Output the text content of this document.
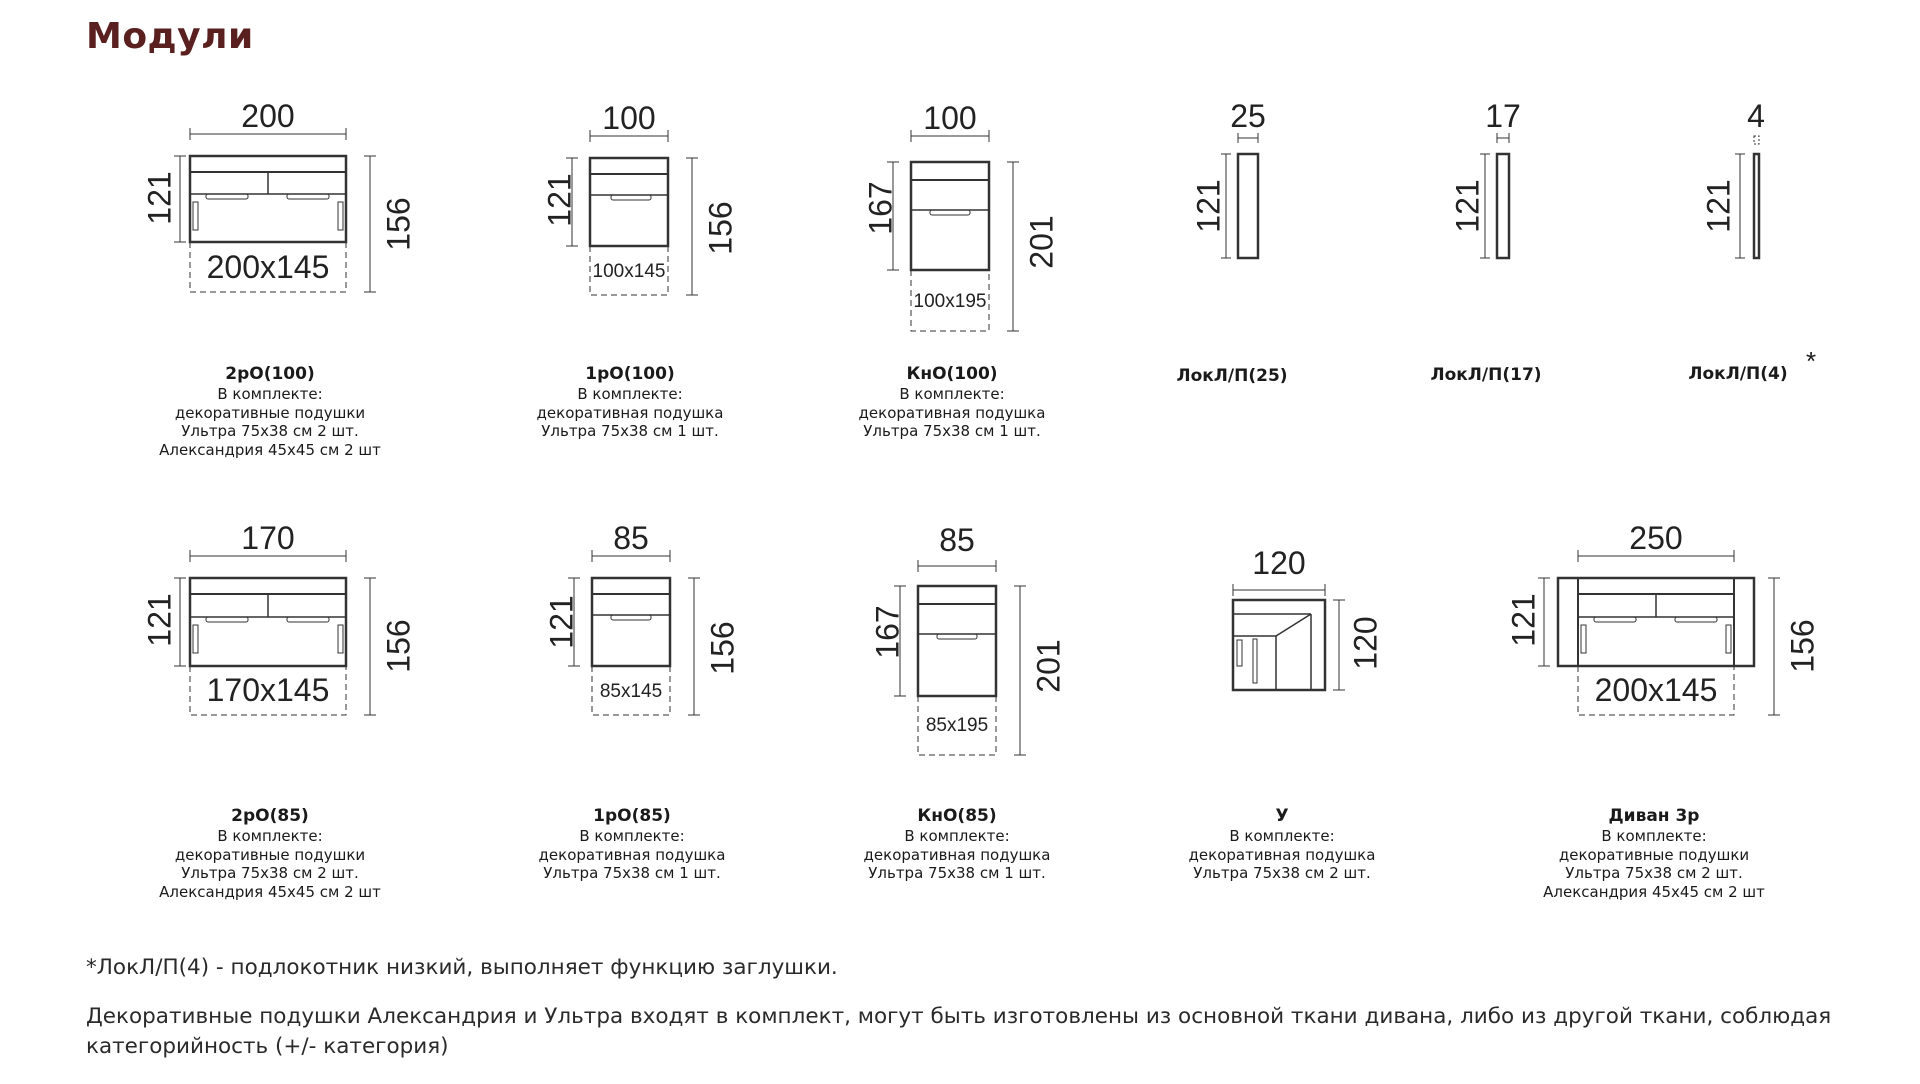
Модули
200
121	156
200x145
2рО(100)
В комплекте:
декоративные подушки
Ультра 75х38 см 2 шт.
Александрия 45х45 см 2 шт
100
121
156
100x145
1рО(100)
В комплекте:
декоративная подушка
Ультра 75х38 см 1 шт.
100
167
201
100x195
КнО(100)
В комплекте:
декоративная подушка
Ультра 75х38 см 1 шт.
25
121
ЛокЛ/П(25)
17
121
ЛокЛ/П(17)
4
121
ЛокЛ/П(4) *
170
121	156
170x145
2рО(85)
В комплекте:
декоративные подушки
Ультра 75х38 см 2 шт.
Александрия 45х45 см 2 шт
85
121	156
85x145
1рО(85)
В комплекте:
декоративная подушка
Ультра 75х38 см 1 шт.
85
167
201
85x195
КнО(85)
В комплекте:
декоративная подушка
Ультра 75х38 см 1 шт.
120
120
У
В комплекте:
декоративная подушка
Ультра 75х38 см 2 шт.
250
121	156
200x145
Диван 3р
В комплекте:
декоративные подушки
Ультра 75х38 см 2 шт.
Александрия 45х45 см 2 шт
*ЛокЛ/П(4) - подлокотник низкий, выполняет функцию заглушки.
Декоративные подушки Александрия и Ультра входят в комплект, могут быть изготовлены из основной ткани дивана, либо из другой ткани, соблюдая
категорийность (+/- категория)
